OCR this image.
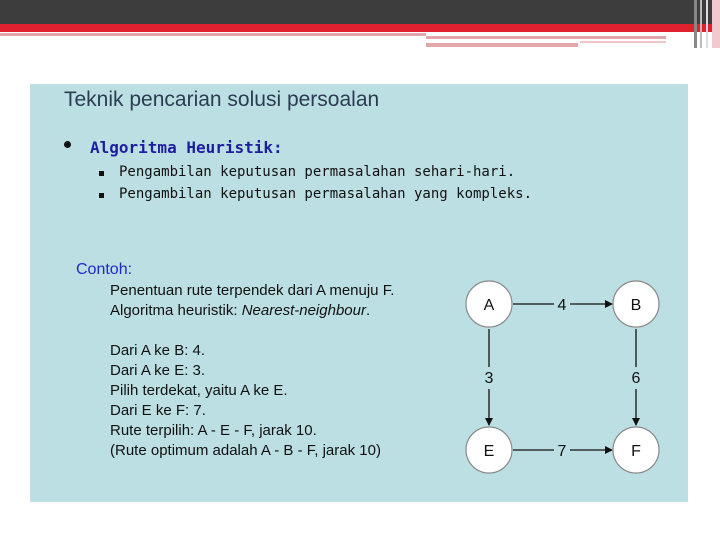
Teknik pencarian solusi persoalan
Algoritma Heuristik:
Pengambilan keputusan permasalahan sehari-hari.
Pengambilan keputusan permasalahan yang kompleks.
Contoh:
Penentuan rute terpendek dari A menuju F.
Algoritma heuristik: Nearest-neighbour.
Dari A ke B: 4.
Dari A ke E: 3.
Pilih terdekat, yaitu A ke E.
Dari E ke F: 7.
Rute terpilih: A - E - F, jarak 10.
(Rute optimum adalah A - B - F, jarak 10)
4
3	6
7
A	B
E	F
